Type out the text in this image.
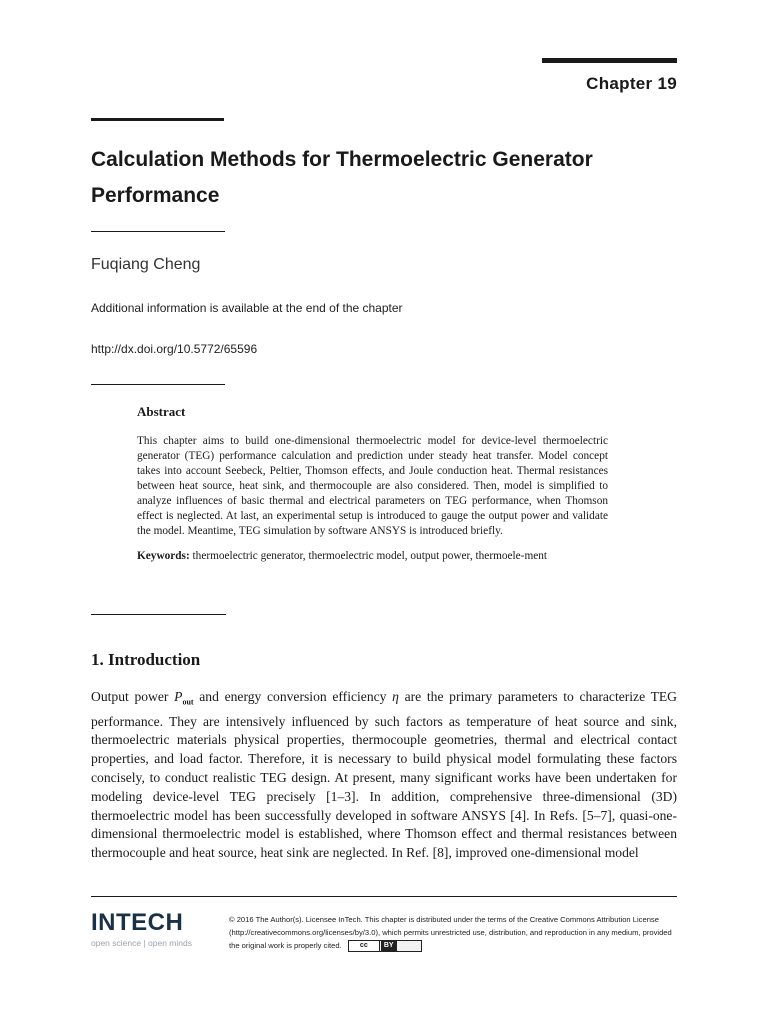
Chapter 19
Calculation Methods for Thermoelectric Generator Performance
Fuqiang Cheng
Additional information is available at the end of the chapter
http://dx.doi.org/10.5772/65596
Abstract

This chapter aims to build one-dimensional thermoelectric model for device-level thermoelectric generator (TEG) performance calculation and prediction under steady heat transfer. Model concept takes into account Seebeck, Peltier, Thomson effects, and Joule conduction heat. Thermal resistances between heat source, heat sink, and thermocouple are also considered. Then, model is simplified to analyze influences of basic thermal and electrical parameters on TEG performance, when Thomson effect is neglected. At last, an experimental setup is introduced to gauge the output power and validate the model. Meantime, TEG simulation by software ANSYS is introduced briefly.

Keywords: thermoelectric generator, thermoelectric model, output power, thermoele-ment
1. Introduction

Output power $P_{out}$ and energy conversion efficiency η are the primary parameters to characterize TEG performance. They are intensively influenced by such factors as temperature of heat source and sink, thermoelectric materials physical properties, thermocouple geometries, thermal and electrical contact properties, and load factor. Therefore, it is necessary to build physical model formulating these factors concisely, to conduct realistic TEG design. At present, many significant works have been undertaken for modeling device-level TEG precisely [1–3]. In addition, comprehensive three-dimensional (3D) thermoelectric model has been successfully developed in software ANSYS [4]. In Refs. [5–7], quasi-one-dimensional thermoelectric model is established, where Thomson effect and thermal resistances between thermocouple and heat source, heat sink are neglected. In Ref. [8], improved one-dimensional model

INTECH
open science | open minds
© 2016 The Author(s). Licensee InTech. This chapter is distributed under the terms of the Creative Commons Attribution License (http://creativecommons.org/licenses/by/3.0), which permits unrestricted use, distribution, and reproduction in any medium, provided the original work is properly cited.	cc	BY
